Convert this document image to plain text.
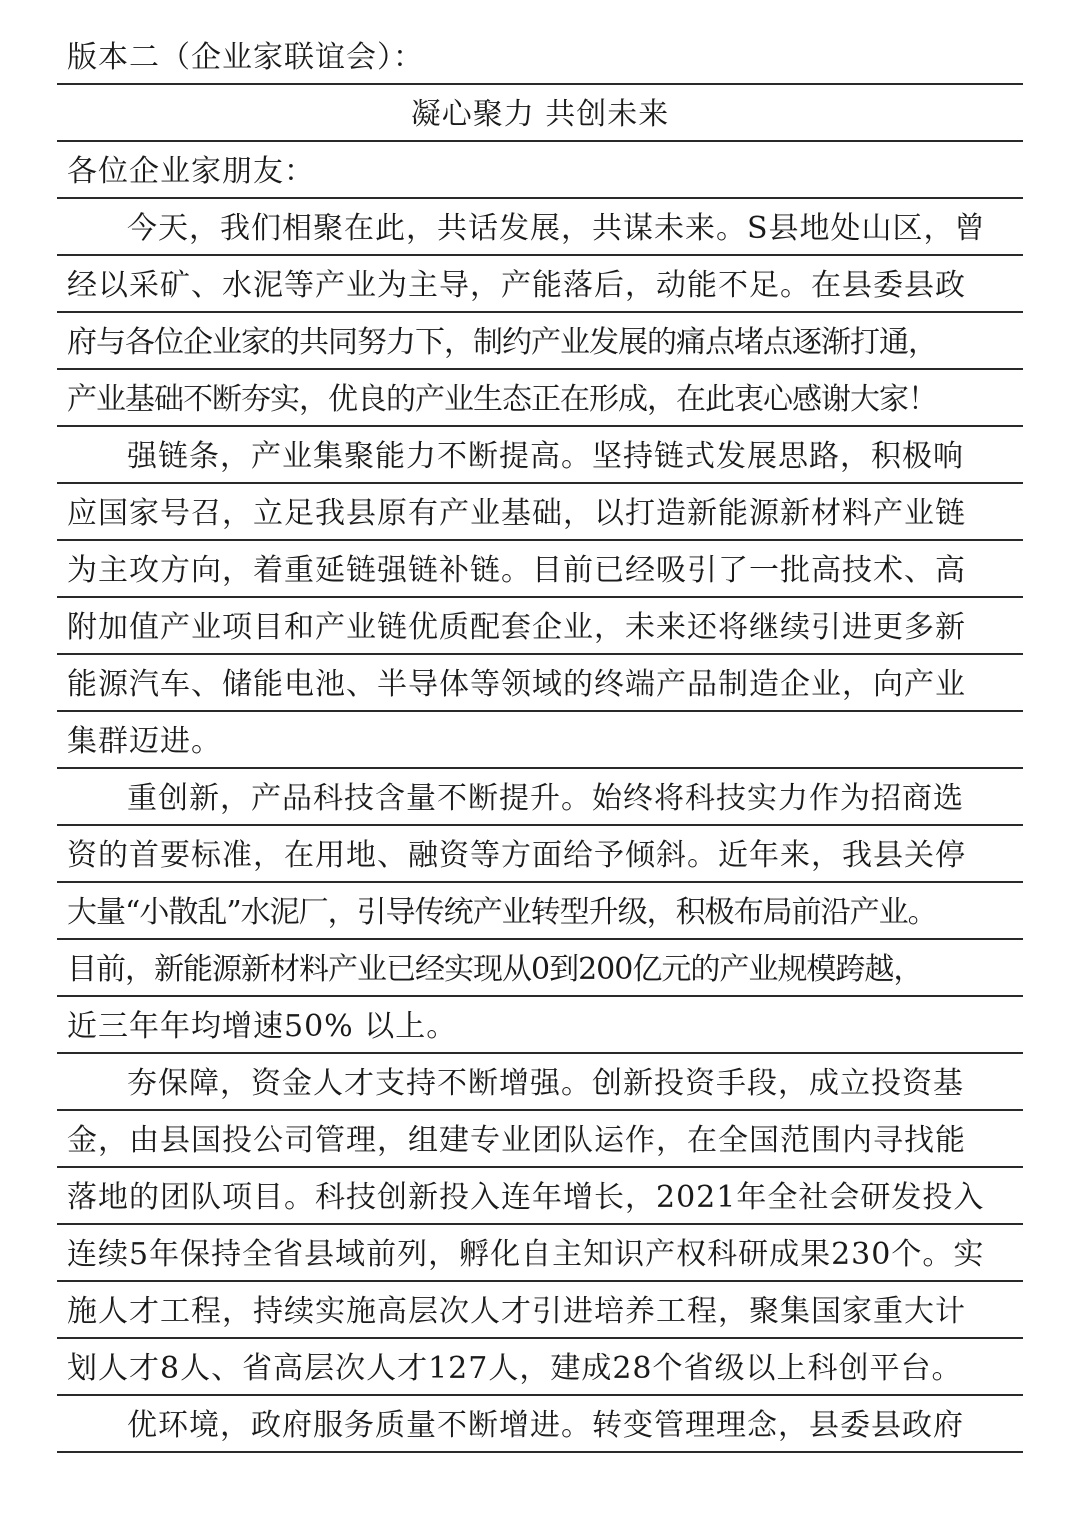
版本二（企业家联谊会）：
凝心聚力 共创未来
各位企业家朋友：
今天，我们相聚在此，共话发展，共谋未来。S县地处山区，曾
经以采矿、水泥等产业为主导，产能落后，动能不足。在县委县政
府与各位企业家的共同努力下，制约产业发展的痛点堵点逐渐打通，
产业基础不断夯实，优良的产业生态正在形成，在此衷心感谢大家！
强链条，产业集聚能力不断提高。坚持链式发展思路，积极响
应国家号召，立足我县原有产业基础，以打造新能源新材料产业链
为主攻方向，着重延链强链补链。目前已经吸引了一批高技术、高
附加值产业项目和产业链优质配套企业，未来还将继续引进更多新
能源汽车、储能电池、半导体等领域的终端产品制造企业，向产业
集群迈进。
重创新，产品科技含量不断提升。始终将科技实力作为招商选
资的首要标准，在用地、融资等方面给予倾斜。近年来，我县关停
大量“小散乱”水泥厂，引导传统产业转型升级，积极布局前沿产业。
目前，新能源新材料产业已经实现从0到200亿元的产业规模跨越，
近三年年均增速50% 以上。
夯保障，资金人才支持不断增强。创新投资手段，成立投资基
金，由县国投公司管理，组建专业团队运作，在全国范围内寻找能
落地的团队项目。科技创新投入连年增长，2021年全社会研发投入
连续5年保持全省县域前列，孵化自主知识产权科研成果230个。实
施人才工程，持续实施高层次人才引进培养工程，聚集国家重大计
划人才8人、省高层次人才127人，建成28个省级以上科创平台。
优环境，政府服务质量不断增进。转变管理理念，县委县政府
